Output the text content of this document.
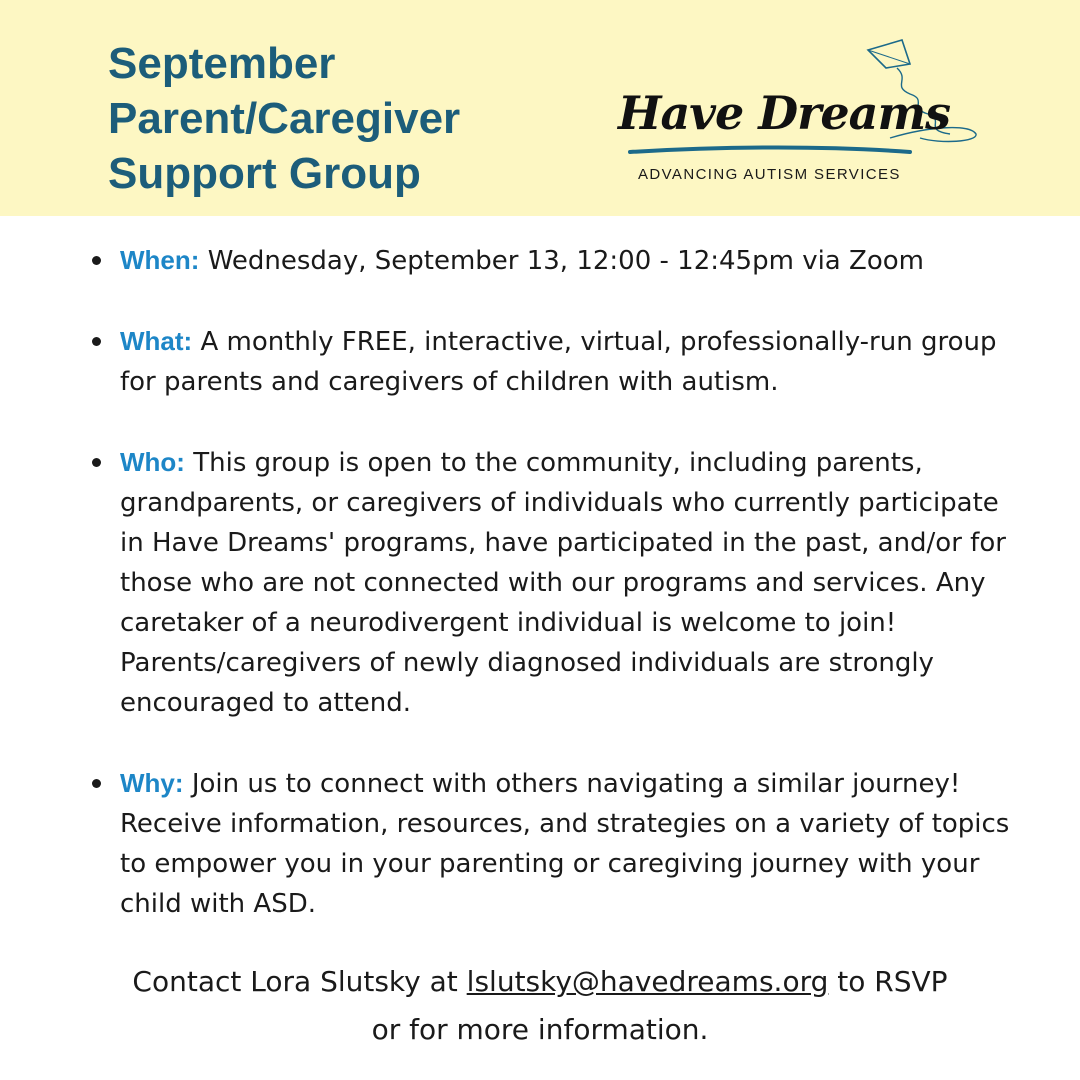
September
Parent/Caregiver
Support Group
Have Dreams
ADVANCING AUTISM SERVICES
When: Wednesday, September 13, 12:00 - 12:45pm via Zoom
What: A monthly FREE, interactive, virtual, professionally-run group for parents and caregivers of children with autism.
Who: This group is open to the community, including parents, grandparents, or caregivers of individuals who currently participate in Have Dreams' programs, have participated in the past, and/or for those who are not connected with our programs and services. Any caretaker of a neurodivergent individual is welcome to join! Parents/caregivers of newly diagnosed individuals are strongly encouraged to attend.
Why: Join us to connect with others navigating a similar journey! Receive information, resources, and strategies on a variety of topics to empower you in your parenting or caregiving journey with your child with ASD.
Contact Lora Slutsky at lslutsky@havedreams.org to RSVP
or for more information.
